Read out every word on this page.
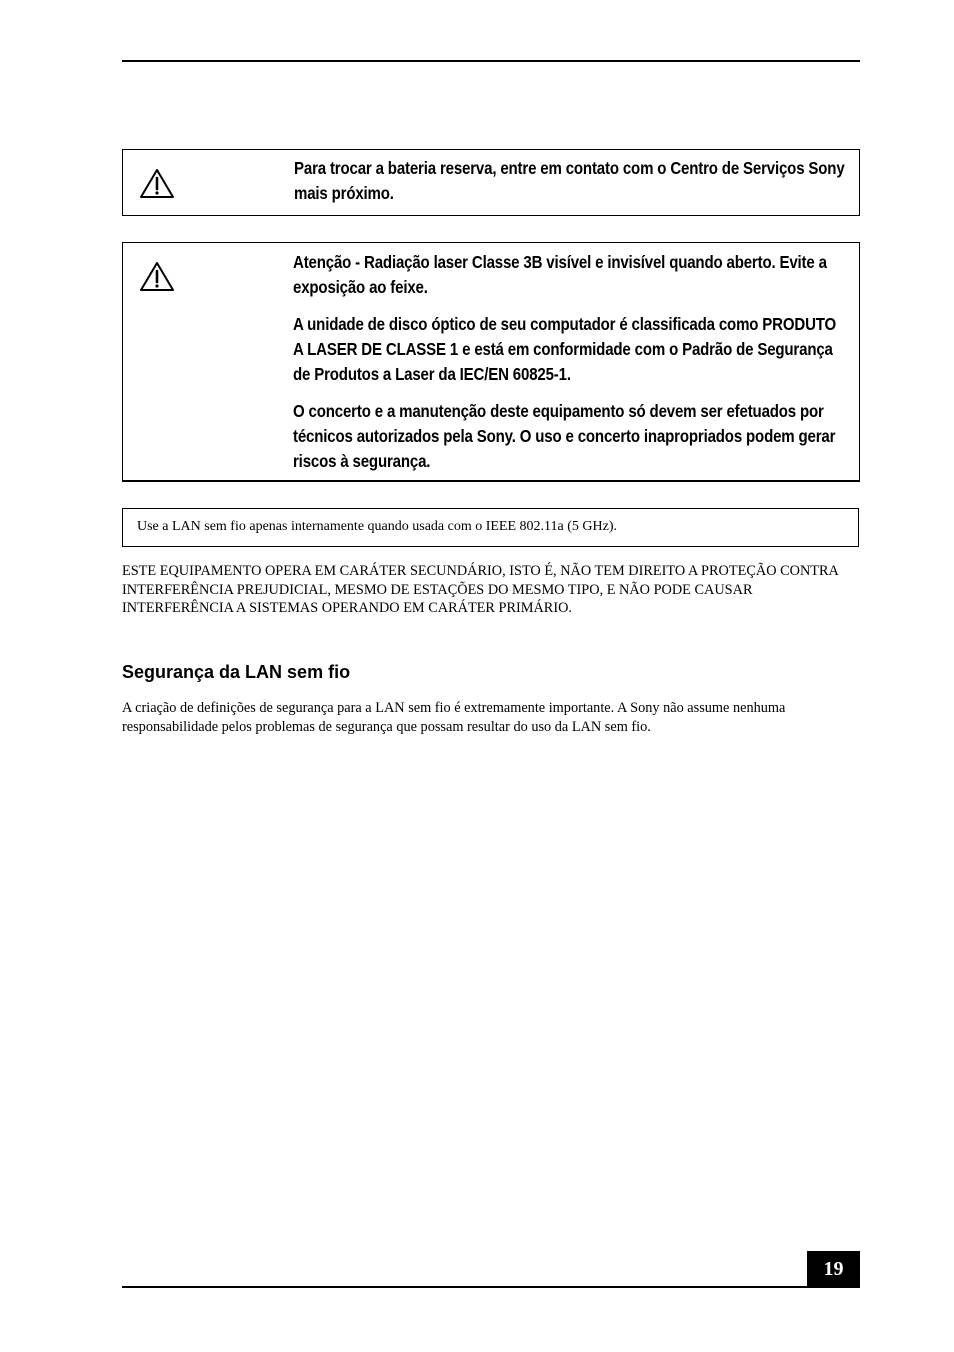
Para trocar a bateria reserva, entre em contato com o Centro de Serviços Sony mais próximo.

Atenção - Radiação laser Classe 3B visível e invisível quando aberto. Evite a exposição ao feixe.

A unidade de disco óptico de seu computador é classificada como PRODUTO A LASER DE CLASSE 1 e está em conformidade com o Padrão de Segurança de Produtos a Laser da IEC/EN 60825-1.

O concerto e a manutenção deste equipamento só devem ser efetuados por técnicos autorizados pela Sony. O uso e concerto inapropriados podem gerar riscos à segurança.

Use a LAN sem fio apenas internamente quando usada com o IEEE 802.11a (5 GHz).

ESTE EQUIPAMENTO OPERA EM CARÁTER SECUNDÁRIO, ISTO É, NÃO TEM DIREITO A PROTEÇÃO CONTRA INTERFERÊNCIA PREJUDICIAL, MESMO DE ESTAÇÕES DO MESMO TIPO, E NÃO PODE CAUSAR INTERFERÊNCIA A SISTEMAS OPERANDO EM CARÁTER PRIMÁRIO.

Segurança da LAN sem fio

A criação de definições de segurança para a LAN sem fio é extremamente importante. A Sony não assume nenhuma responsabilidade pelos problemas de segurança que possam resultar do uso da LAN sem fio.

19
